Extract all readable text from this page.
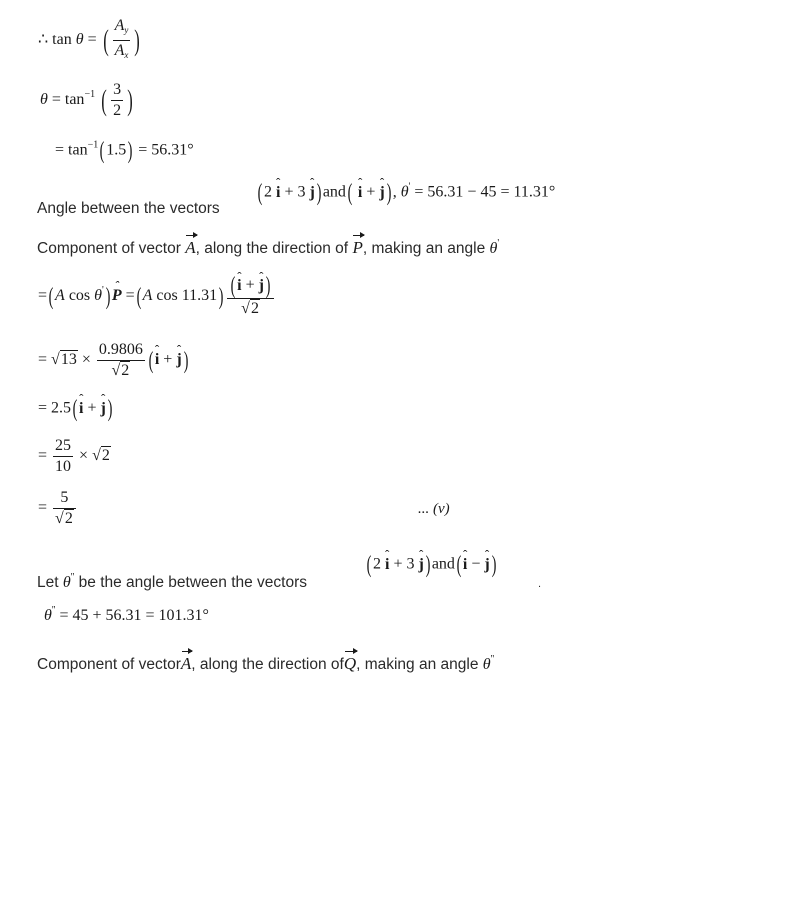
∴ tan θ = ( $\frac{A_y}{A_x}$ )
$\theta = \tan^{-1}$ ( $\frac{3}{2}$ )
= $\tan^{-1}$( 1.5) = 56.31°
Angle between the vectors
( 2 ˆ i + 3 ˆ j) and( ˆ i + ˆ j), θ' = 56.31 − 45 = 11.31°
Component of vector A, along the direction of P, making an angle θ'
=(A cos θ')ˆ P =( A $\cos 11.31) \frac{\text{( ˆ i + ˆ j)}}{√2}$
= $√13 \times \frac{0.9806}{√2}$ ( ˆ i + ˆ j)
= 2.5( ˆ i + ˆ j)
= $\frac{25}{10} \times √2$
= $\frac{5}{√2}$	... (v)
Let θ'' be the angle between the vectors
( 2 ˆ i + 3 ˆ j) and( ˆ i − ˆ j)
.
θ'' = 45 + 56.31 = 101.31°
Component of vectorA, along the direction ofQ, making an angle θ''
